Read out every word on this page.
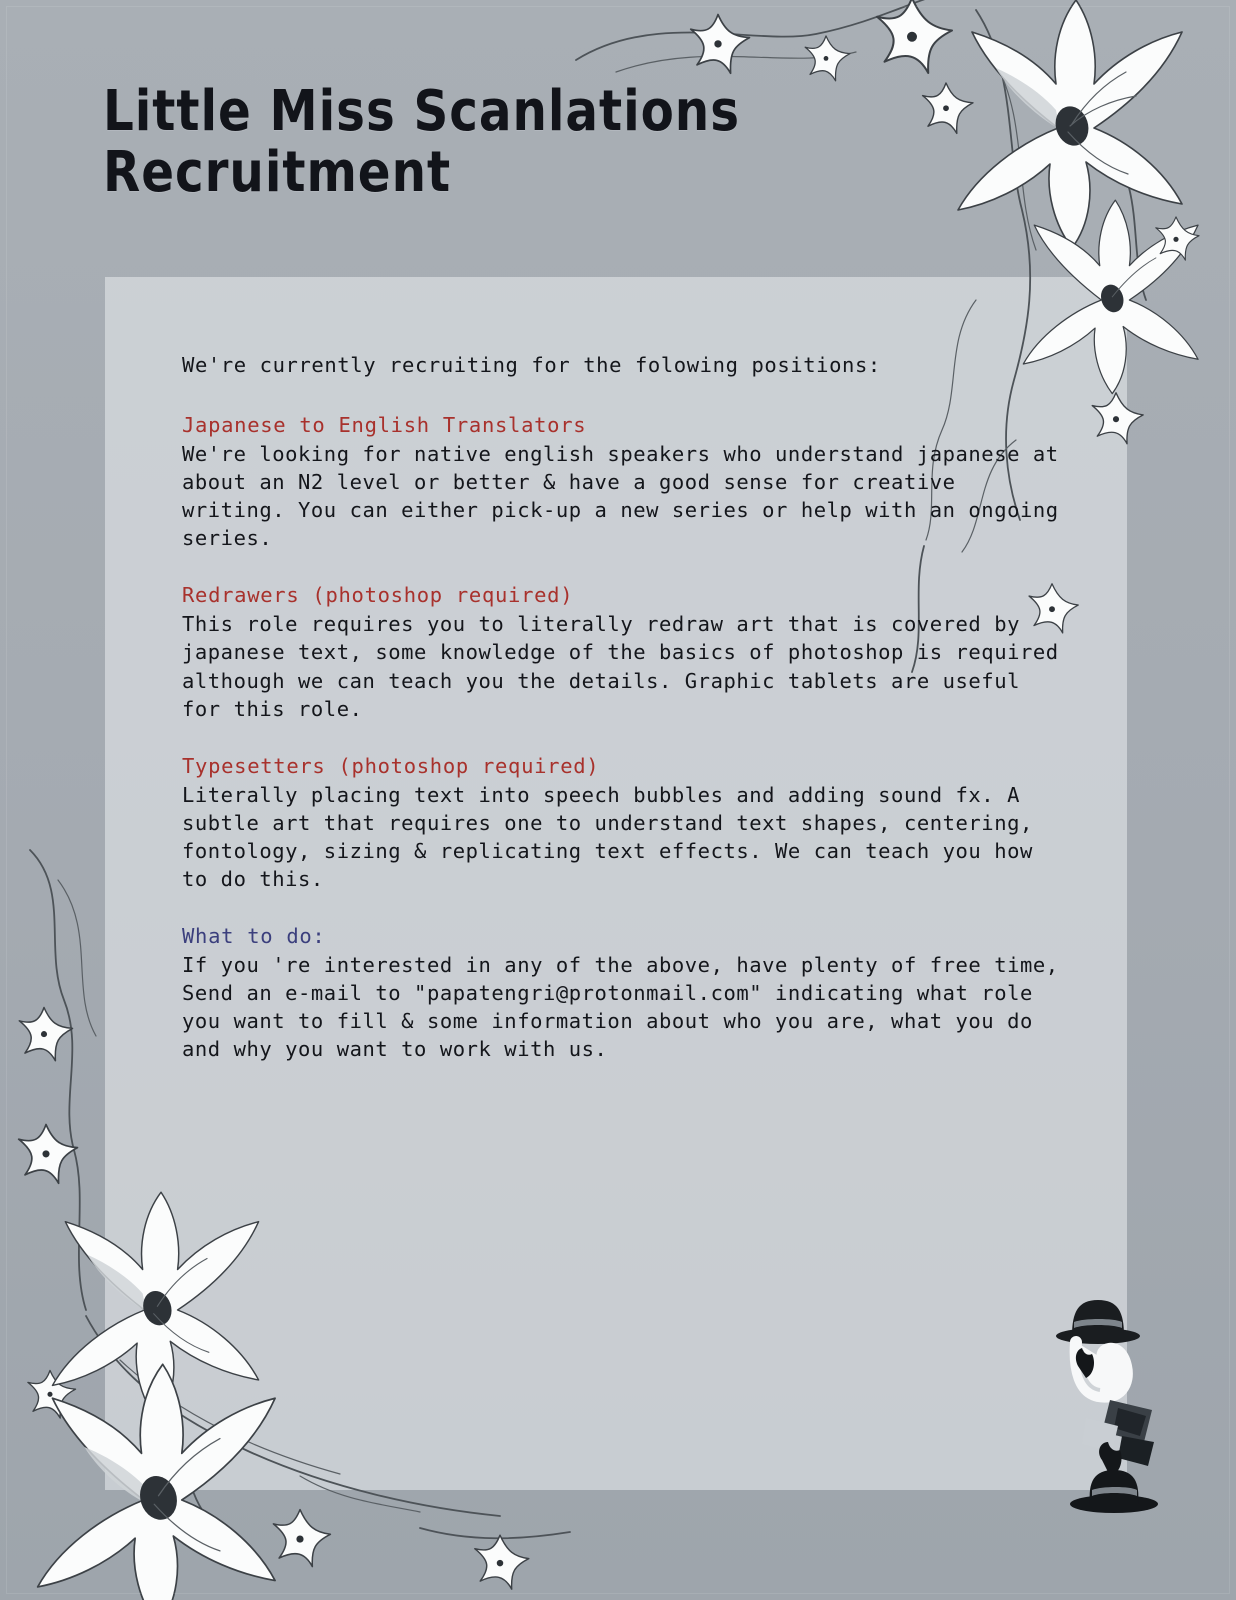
Little Miss Scanlations
Recruitment

We're currently recruiting for the folowing positions:

Japanese to English Translators

We're looking for native english speakers who understand japanese at about an N2 level or better & have a good sense for creative writing. You can either pick-up a new series or help with an ongoing series.

Redrawers (photoshop required)

This role requires you to literally redraw art that is covered by japanese text, some knowledge of the basics of photoshop is required although we can teach you the details. Graphic tablets are useful for this role.

Typesetters (photoshop required)

Literally placing text into speech bubbles and adding sound fx. A subtle art that requires one to understand text shapes, centering, fontology, sizing & replicating text effects. We can teach you how to do this.

What to do:

If you 're interested in any of the above, have plenty of free time, Send an e-mail to "papatengri@protonmail.com" indicating what role you want to fill & some information about who you are, what you do and why you want to work with us.
